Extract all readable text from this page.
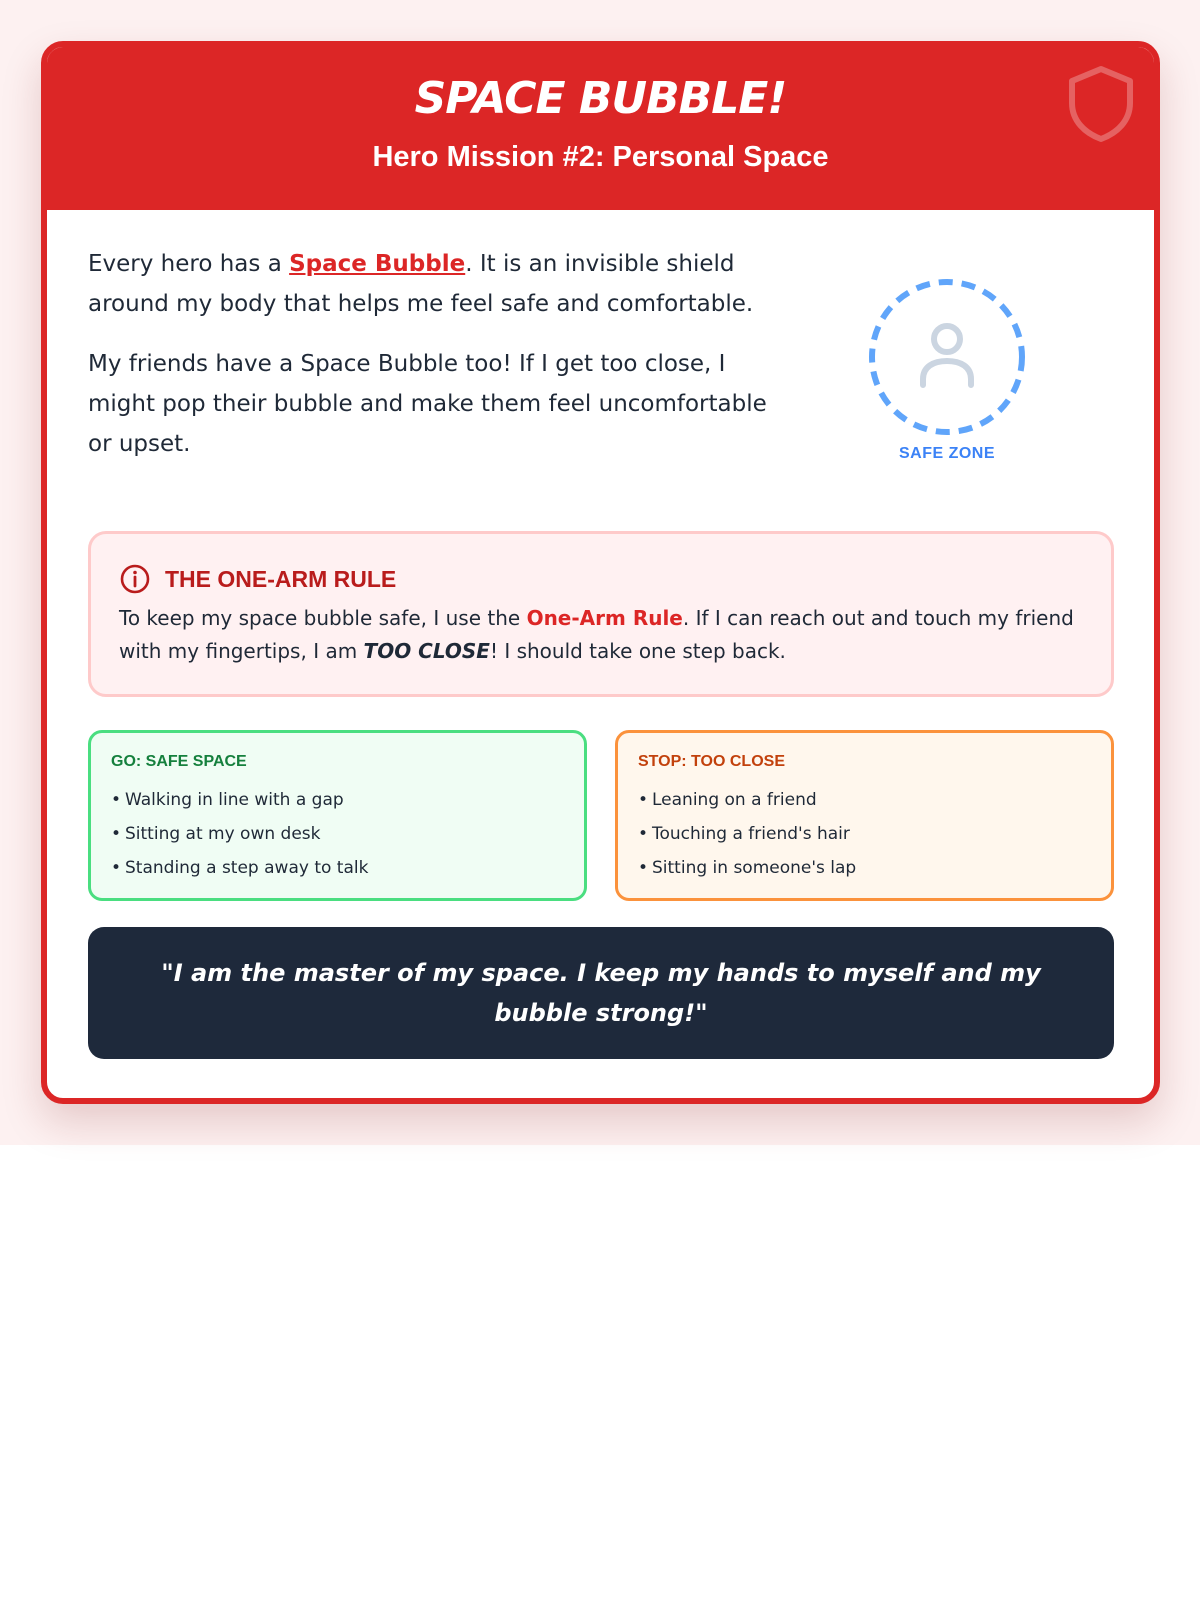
SPACE BUBBLE!
Hero Mission #2: Personal Space

Every hero has a Space Bubble. It is an invisible shield around my body that helps me feel safe and comfortable.

My friends have a Space Bubble too! If I get too close, I might pop their bubble and make them feel uncomfortable or upset.	SAFE ZONE
THE ONE-ARM RULE
To keep my space bubble safe, I use the One-Arm Rule. If I can reach out and touch my friend with my fingertips, I am TOO CLOSE! I should take one step back.
GO: SAFE SPACE
• Walking in line with a gap
• Sitting at my own desk
• Standing a step away to talk
STOP: TOO CLOSE
• Leaning on a friend
• Touching a friend's hair
• Sitting in someone's lap
"I am the master of my space. I keep my hands to myself and my bubble strong!"
